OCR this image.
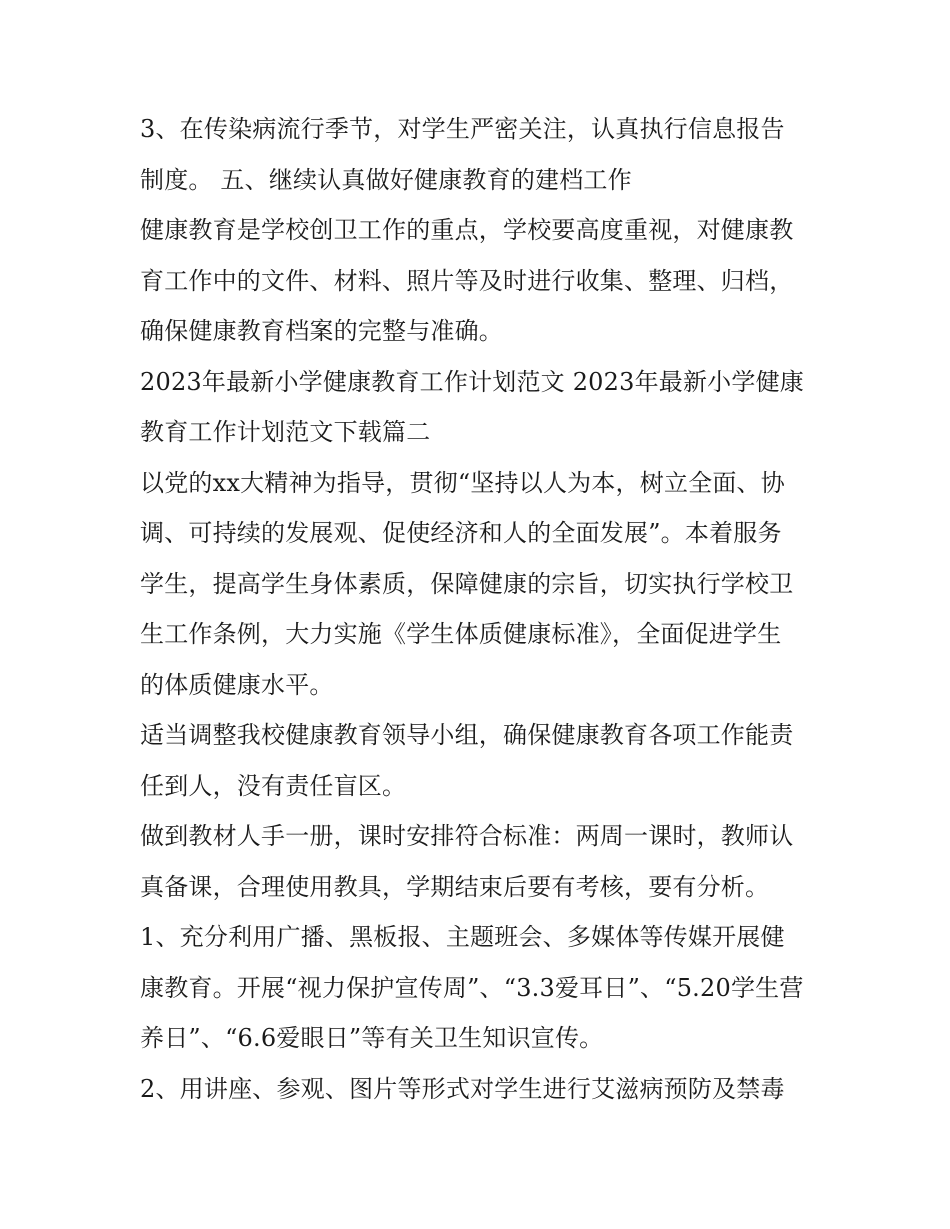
3、在传染病流行季节，对学生严密关注，认真执行信息报告

制度。 五、继续认真做好健康教育的建档工作

健康教育是学校创卫工作的重点，学校要高度重视，对健康教

育工作中的文件、材料、照片等及时进行收集、整理、归档，

确保健康教育档案的完整与准确。

2023年最新小学健康教育工作计划范文 2023年最新小学健康

教育工作计划范文下载篇二

以党的xx大精神为指导，贯彻“坚持以人为本，树立全面、协

调、可持续的发展观、促使经济和人的全面发展”。本着服务

学生，提高学生身体素质，保障健康的宗旨，切实执行学校卫

生工作条例，大力实施《学生体质健康标准》，全面促进学生

的体质健康水平。

适当调整我校健康教育领导小组，确保健康教育各项工作能责

任到人，没有责任盲区。

做到教材人手一册，课时安排符合标准：两周一课时，教师认

真备课，合理使用教具，学期结束后要有考核，要有分析。

1、充分利用广播、黑板报、主题班会、多媒体等传媒开展健

康教育。开展“视力保护宣传周”、“3.3爱耳日”、“5.20学生营

养日”、“6.6爱眼日”等有关卫生知识宣传。

2、用讲座、参观、图片等形式对学生进行艾滋病预防及禁毒
